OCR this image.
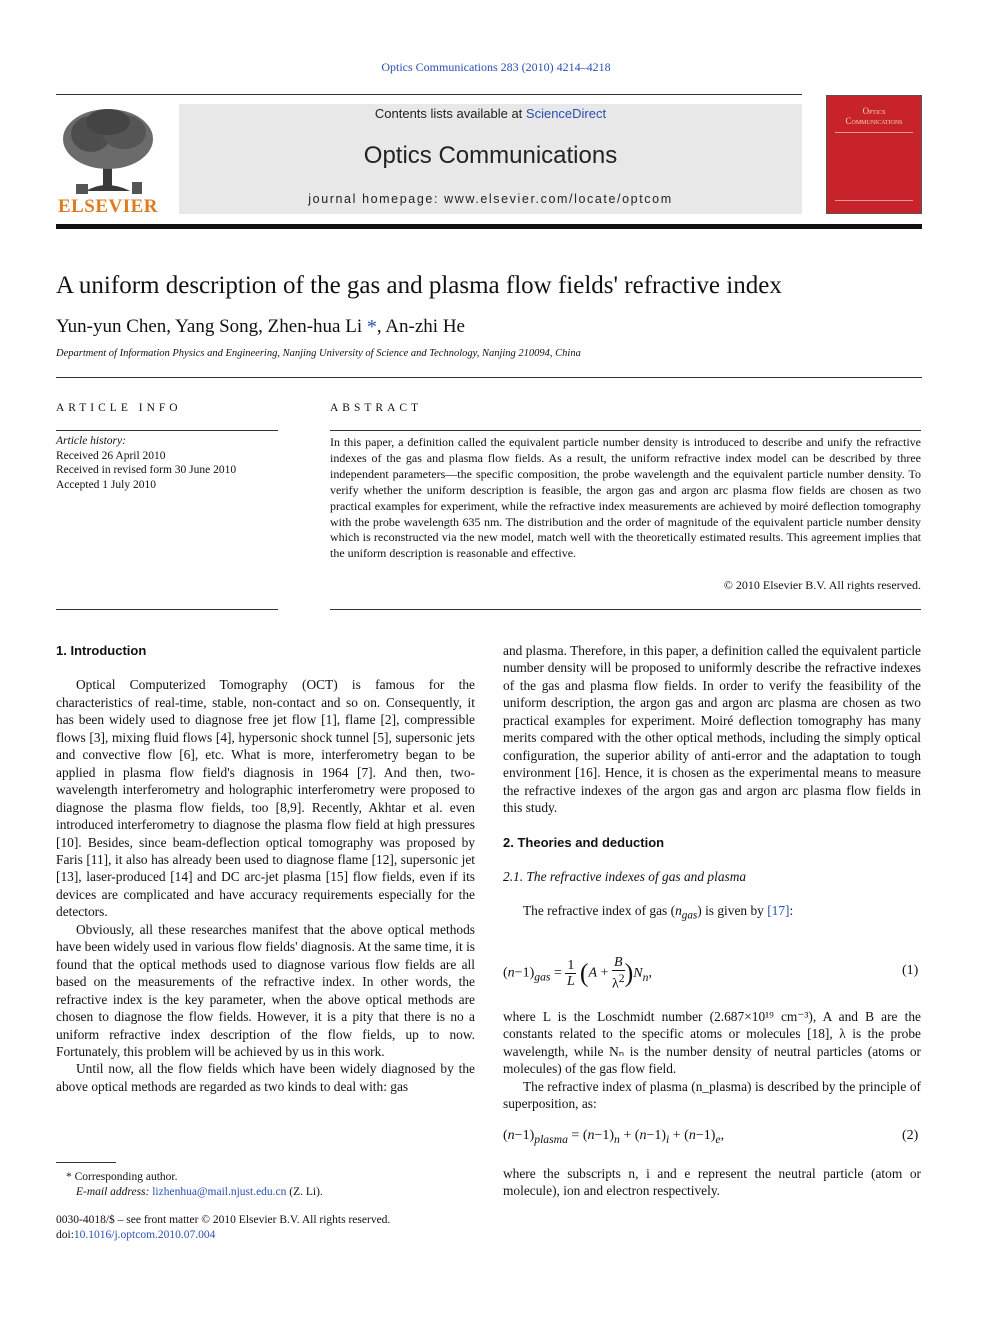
Optics Communications 283 (2010) 4214–4218
ELSEVIER
Contents lists available at ScienceDirect
Optics Communications
journal homepage: www.elsevier.com/locate/optcom
Optics
Communications
A uniform description of the gas and plasma flow fields' refractive index
Yun-yun Chen, Yang Song, Zhen-hua Li *, An-zhi He
Department of Information Physics and Engineering, Nanjing University of Science and Technology, Nanjing 210094, China
ARTICLE INFO
Article history:
Received 26 April 2010
Received in revised form 30 June 2010
Accepted 1 July 2010
ABSTRACT
In this paper, a definition called the equivalent particle number density is introduced to describe and unify the refractive indexes of the gas and plasma flow fields. As a result, the uniform refractive index model can be described by three independent parameters—the specific composition, the probe wavelength and the equivalent particle number density. To verify whether the uniform description is feasible, the argon gas and argon arc plasma flow fields are chosen as two practical examples for experiment, while the refractive index measurements are achieved by moiré deflection tomography with the probe wavelength 635 nm. The distribution and the order of magnitude of the equivalent particle number density which is reconstructed via the new model, match well with the theoretically estimated results. This agreement implies that the uniform description is reasonable and effective.
© 2010 Elsevier B.V. All rights reserved.

1. Introduction

Optical Computerized Tomography (OCT) is famous for the characteristics of real-time, stable, non-contact and so on. Consequently, it has been widely used to diagnose free jet flow [1], flame [2], compressible flows [3], mixing fluid flows [4], hypersonic shock tunnel [5], supersonic jets and convective flow [6], etc. What is more, interferometry began to be applied in plasma flow field's diagnosis in 1964 [7]. And then, two-wavelength interferometry and holographic interferometry were proposed to diagnose the plasma flow fields, too [8,9]. Recently, Akhtar et al. even introduced interferometry to diagnose the plasma flow field at high pressures [10]. Besides, since beam-deflection optical tomography was proposed by Faris [11], it also has already been used to diagnose flame [12], supersonic jet [13], laser-produced [14] and DC arc-jet plasma [15] flow fields, even if its devices are complicated and have accuracy requirements especially for the detectors.

Obviously, all these researches manifest that the above optical methods have been widely used in various flow fields' diagnosis. At the same time, it is found that the optical methods used to diagnose various flow fields are all based on the measurements of the refractive index. In other words, the refractive index is the key parameter, when the above optical methods are chosen to diagnose the flow fields. However, it is a pity that there is no a uniform refractive index description of the flow fields, up to now. Fortunately, this problem will be achieved by us in this work.

Until now, all the flow fields which have been widely diagnosed by the above optical methods are regarded as two kinds to deal with: gas

and plasma. Therefore, in this paper, a definition called the equivalent particle number density will be proposed to uniformly describe the refractive indexes of the gas and plasma flow fields. In order to verify the feasibility of the uniform description, the argon gas and argon arc plasma are chosen as two practical examples for experiment. Moiré deflection tomography has many merits compared with the other optical methods, including the simply optical configuration, the superior ability of anti-error and the adaptation to tough environment [16]. Hence, it is chosen as the experimental means to measure the refractive indexes of the argon gas and argon arc plasma flow fields in this study.

2. Theories and deduction

2.1. The refractive indexes of gas and plasma

The refractive index of gas $(n_{gas})$ is given by [17]:

$(n-1)_{gas} = \frac{1}{L} (A + \frac{B}{\lambda^2} )N_n$,	(1)

where L is the Loschmidt number (2.687×10¹⁹ cm⁻³), A and B are the constants related to the specific atoms or molecules [18], λ is the probe wavelength, while Nₙ is the number density of neutral particles (atoms or molecules) of the gas flow field.

The refractive index of plasma (n_plasma) is described by the principle of superposition, as:

$(n-1)_{plasma} = (n-1)_n + (n-1)_i + (n-1)_e$,	(2)

where the subscripts n, i and e represent the neutral particle (atom or molecule), ion and electron respectively.

* Corresponding author.
E-mail address: lizhenhua@mail.njust.edu.cn (Z. Li).
0030-4018/$ – see front matter © 2010 Elsevier B.V. All rights reserved.
doi:10.1016/j.optcom.2010.07.004
